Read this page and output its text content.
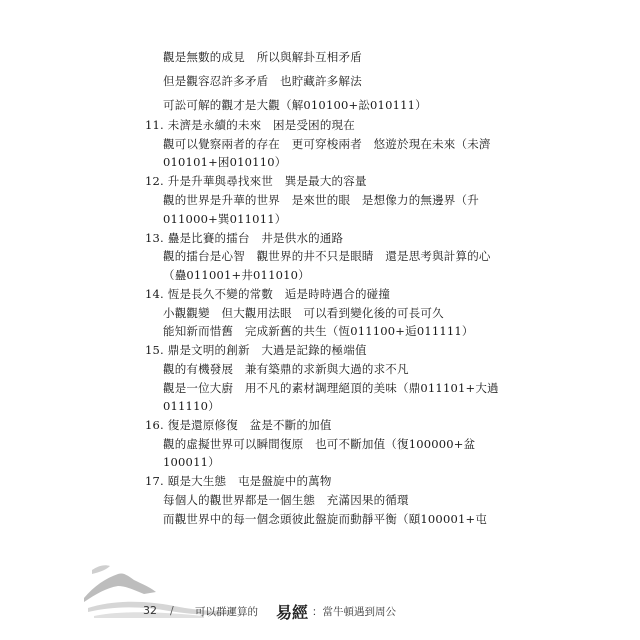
觀是無數的成見　所以與解卦互相矛盾
但是觀容忍許多矛盾　也貯藏許多解法
可訟可解的觀才是大觀（解010100+訟010111）
11. 未濟是永續的未來　困是受困的現在
觀可以覺察兩者的存在　更可穿梭兩者　悠遊於現在未來（未濟
010101+困010110）
12. 升是升華與尋找來世　巽是最大的容量
觀的世界是升華的世界　是來世的眼　是想像力的無邊界（升
011000+巽011011）
13. 蠱是比賽的擂台　井是供水的通路
觀的擂台是心智　觀世界的井不只是眼睛　還是思考與計算的心
（蠱011001+井011010）
14. 恆是長久不變的常數　逅是時時遇合的碰撞
小觀觀變　但大觀用法眼　可以看到變化後的可長可久
能知新而惜舊　完成新舊的共生（恆011100+逅011111）
15. 鼎是文明的創新　大過是記錄的極端值
觀的有機發展　兼有築鼎的求新與大過的求不凡
觀是一位大廚　用不凡的素材調理絕頂的美味（鼎011101+大過
011110）
16. 復是還原修復　盆是不斷的加值
觀的虛擬世界可以瞬間復原　也可不斷加值（復100000+盆
100011）
17. 頤是大生態　屯是盤旋中的萬物
每個人的觀世界都是一個生態　充滿因果的循環
而觀世界中的每一個念頭彼此盤旋而動靜平衡（頤100001+屯
32 / 可以群運算的 易經 ：當牛頓遇到周公
